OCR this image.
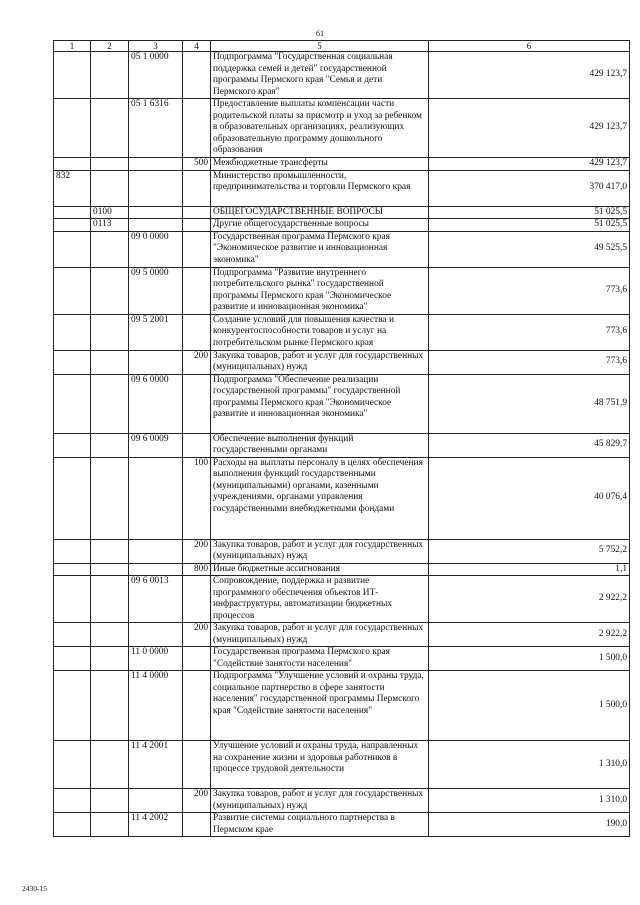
61
1	2	3	4	5	6
		05 1 0000		Подпрограмма "Государственная социальная поддержка семей и детей" государственной программы Пермского края "Семья и дети Пермского края"	429 123,7
		05 1 6316		Предоставление выплаты компенсации части родительской платы за присмотр и уход за ребенком в образовательных организациях, реализующих образовательную программу дошкольного образования	429 123,7
			500	Межбюджетные трансферты	429 123,7
832				Министерство промышленности, предпринимательства и торговли Пермского края	370 417,0
	0100			ОБЩЕГОСУДАРСТВЕННЫЕ ВОПРОСЫ	51 025,5
	0113			Другие общегосударственные вопросы	51 025,5
		09 0 0000		Государственная программа Пермского края "Экономическое развитие и инновационная экономика"	49 525,5
		09 5 0000		Подпрограмма "Развитие внутреннего потребительского рынка" государственной программы Пермского края "Экономическое развитие и инновационная экономика"	773,6
		09 5 2001		Создание условий для повышения качества и конкурентоспособности товаров и услуг на потребительском рынке Пермского края	773,6
			200	Закупка товаров, работ и услуг для государственных (муниципальных) нужд	773,6
		09 6 0000		Подпрограмма "Обеспечение реализации государственной программы" государственной программы Пермского края "Экономическое развитие и инновационная экономика"	48 751,9
		09 6 0009		Обеспечение выполнения функций государственными органами	45 829,7
			100	Расходы на выплаты персоналу в целях обеспечения выполнения функций государственными (муниципальными) органами, казенными учреждениями, органами управления государственными внебюджетными фондами	40 076,4
			200	Закупка товаров, работ и услуг для государственных (муниципальных) нужд	5 752,2
			800	Иные бюджетные ассигнования	1,1
		09 6 0013		Сопровождение, поддержка и развитие программного обеспечения объектов ИТ-инфраструктуры, автоматизации бюджетных процессов	2 922,2
			200	Закупка товаров, работ и услуг для государственных (муниципальных) нужд	2 922,2
		11 0 0000		Государственная программа Пермского края "Содействие занятости населения"	1 500,0
		11 4 0000		Подпрограмма "Улучшение условий и охраны труда, социальное партнерство в сфере занятости населения" государственной программы Пермского края "Содействие занятости населения"	1 500,0
		11 4 2001		Улучшение условий и охраны труда, направленных на сохранение жизни и здоровья работников в процессе трудовой деятельности	1 310,0
			200	Закупка товаров, работ и услуг для государственных (муниципальных) нужд	1 310,0
		11 4 2002		Развитие системы социального партнерства в Пермском крае	190,0
2430-15
